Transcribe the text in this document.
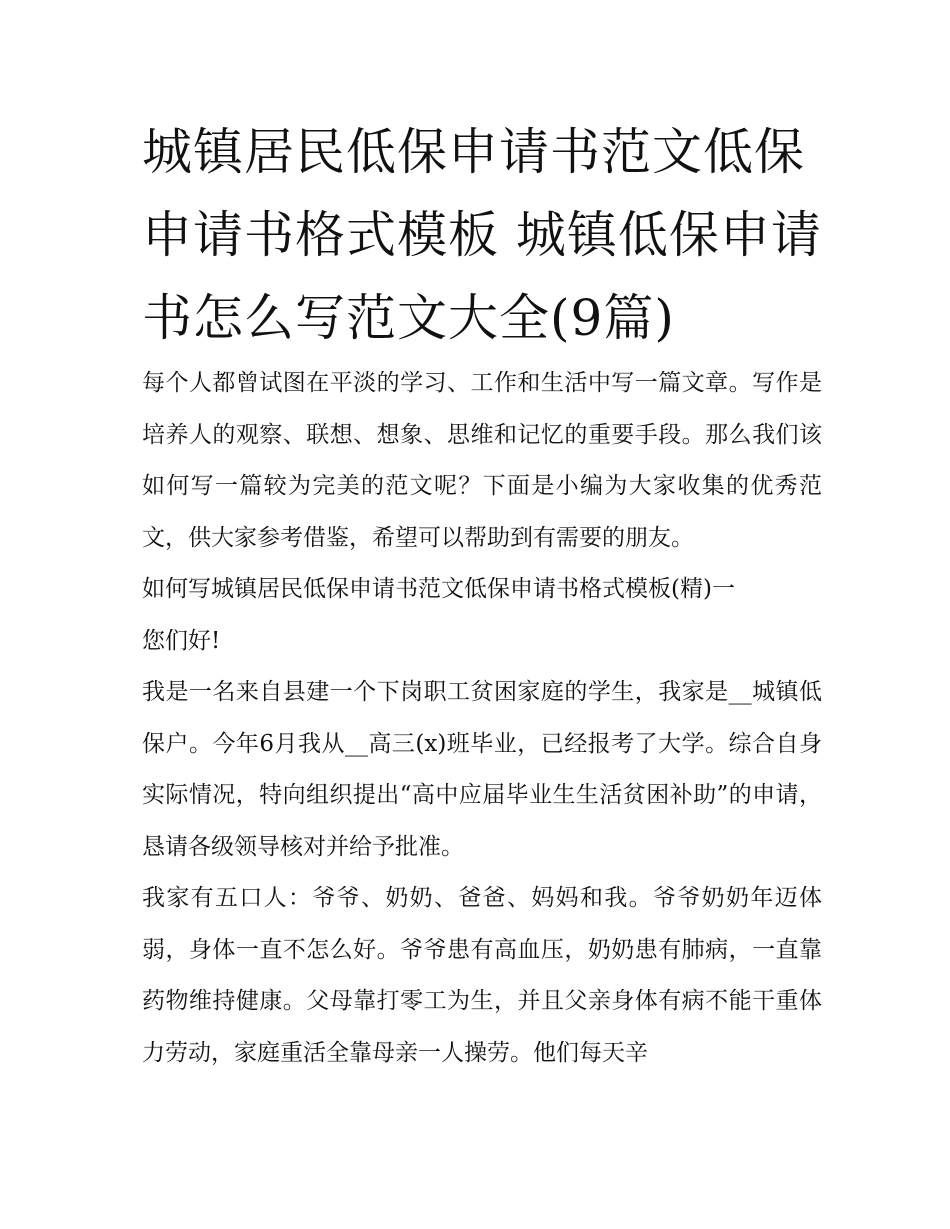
城镇居民低保申请书范文低保申请书格式模板 城镇低保申请书怎么写范文大全(9篇)

每个人都曾试图在平淡的学习、工作和生活中写一篇文章。写作是培养人的观察、联想、想象、思维和记忆的重要手段。那么我们该如何写一篇较为完美的范文呢？下面是小编为大家收集的优秀范文，供大家参考借鉴，希望可以帮助到有需要的朋友。

如何写城镇居民低保申请书范文低保申请书格式模板(精)一

您们好!

我是一名来自县建一个下岗职工贫困家庭的学生，我家是__城镇低保户。今年6月我从__高三(x)班毕业，已经报考了大学。综合自身实际情况，特向组织提出“高中应届毕业生生活贫困补助”的申请，恳请各级领导核对并给予批准。

我家有五口人：爷爷、奶奶、爸爸、妈妈和我。爷爷奶奶年迈体弱，身体一直不怎么好。爷爷患有高血压，奶奶患有肺病，一直靠药物维持健康。父母靠打零工为生，并且父亲身体有病不能干重体力劳动，家庭重活全靠母亲一人操劳。他们每天辛
